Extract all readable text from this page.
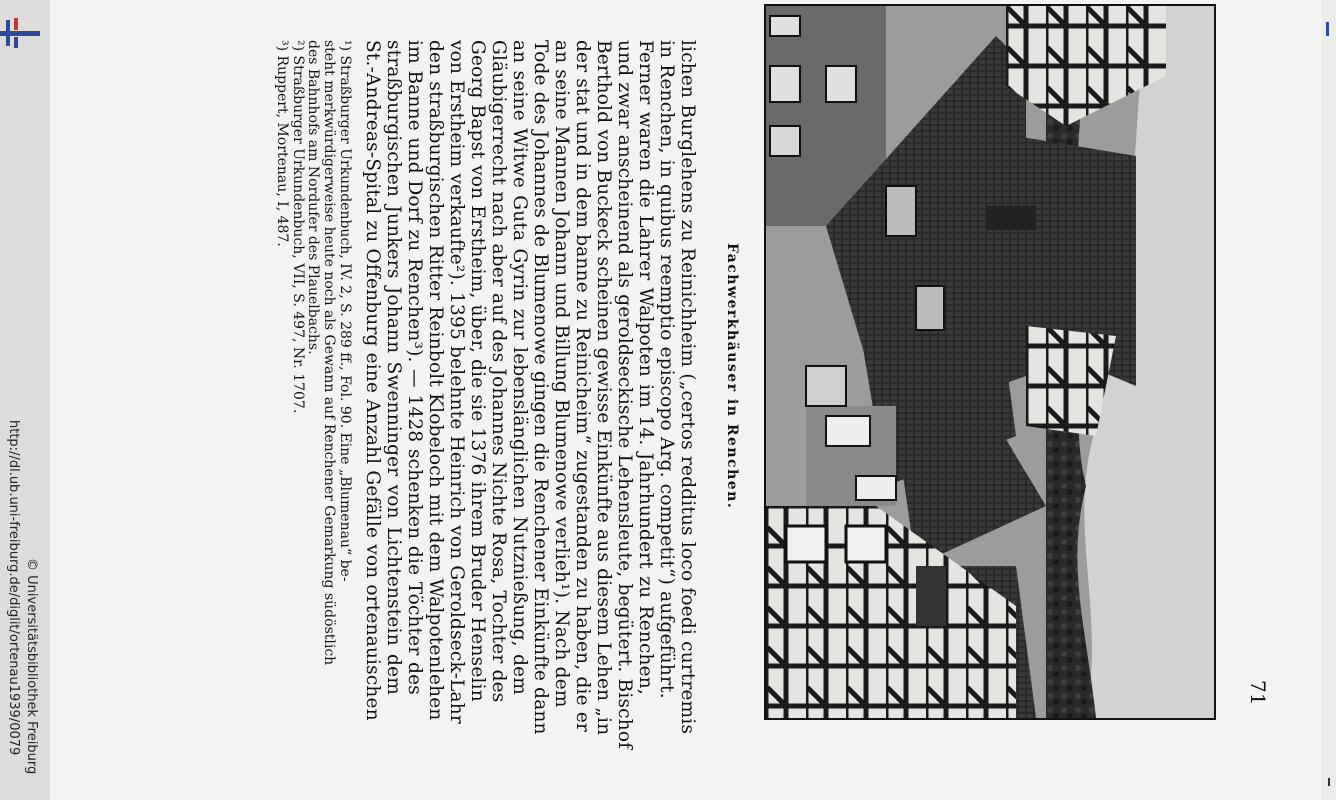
http://dl.ub.uni-freiburg.de/diglit/ortenau1939/0079 © Universitätsbibliothek Freiburg
Fachwerkhäuser in Renchen.
71
lichen Burglehens zu Reinichheim („certos redditus loco foedi curtremis
in Renchen, in quibus reemptio episcopo Arg. competit“) aufgeführt.
Ferner waren die Lahrer Walpoten im 14. Jahrhundert zu Renchen,
und zwar anscheinend als geroldseckische Lehensleute, begütert. Bischof
Berthold von Buckeck scheinen gewisse Einkünfte aus diesem Lehen „in
der stat und in dem banne zu Reinicheim“ zugestanden zu haben, die er
an seine Mannen Johann und Billung Blumenowe verlieh¹). Nach dem
Tode des Johannes de Blumenowe gingen die Renchener Einkünfte dann
an seine Witwe Guta Gyrin zur lebenslänglichen Nutznießung, dem
Gläubigerrecht nach aber auf des Johannes Nichte Rosa, Tochter des
Georg Bapst von Erstheim, über, die sie 1376 ihrem Bruder Henselin
von Erstheim verkaufte²). 1395 belehnte Heinrich von Geroldseck-Lahr
den straßburgischen Ritter Reinbolt Klobeloch mit dem Walpotenlehen
im Banne und Dorf zu Renchen³). — 1428 schenken die Töchter des
straßburgischen Junkers Johann Swenninger von Lichtenstein dem
St.-Andreas-Spital zu Offenburg eine Anzahl Gefälle von ortenauischen
¹) Straßburger Urkundenbuch, IV. 2, S. 289 ff., Fol. 90. Eine „Blumenau“ be-
steht merkwürdigerweise heute noch als Gewann auf Renchener Gemarkung südöstlich
des Bahnhofs am Nordufer des Plauelbachs.
²) Straßburger Urkundenbuch, VII, S. 497, Nr. 1707.
³) Ruppert, Mortenau, I, 487.
